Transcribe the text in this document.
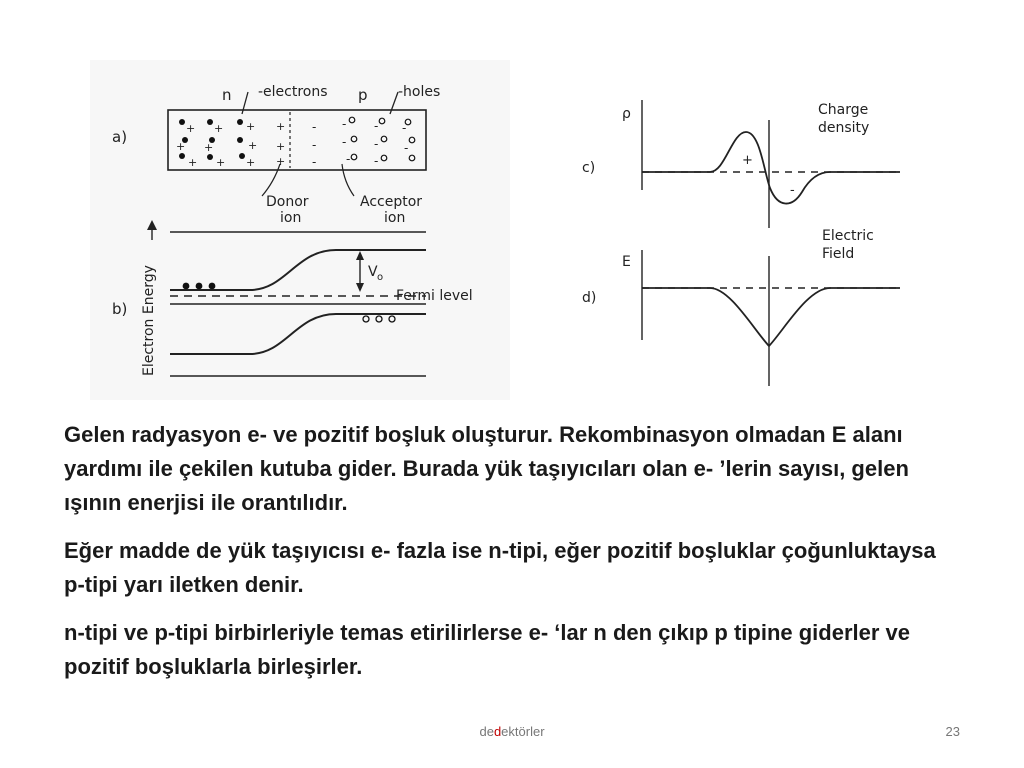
n -electrons p -holes
a)	+ + +
+ +	+
+ + +
+
+
+
-
-
-
-
-
-
-
-
-
-
-
Donor
ion
Acceptor
ion
Electron Energy
b)
V o
Fermi level
ρ	Charge
density
c)	+
-
E
Electric
Field
d)

Gelen radyasyon e- ve pozitif boşluk oluşturur. Rekombinasyon olmadan E alanı yardımı ile çekilen kutuba gider. Burada yük taşıyıcıları olan e- ’lerin sayısı, gelen ışının enerjisi ile orantılıdır.

Eğer madde de yük taşıyıcısı e- fazla ise n-tipi, eğer pozitif boşluklar çoğunluktaysa p-tipi yarı iletken denir.

n-tipi ve p-tipi birbirleriyle temas etirilirlerse e- ‘lar n den çıkıp p tipine giderler ve pozitif boşluklarla birleşirler.

dedektörler	23
